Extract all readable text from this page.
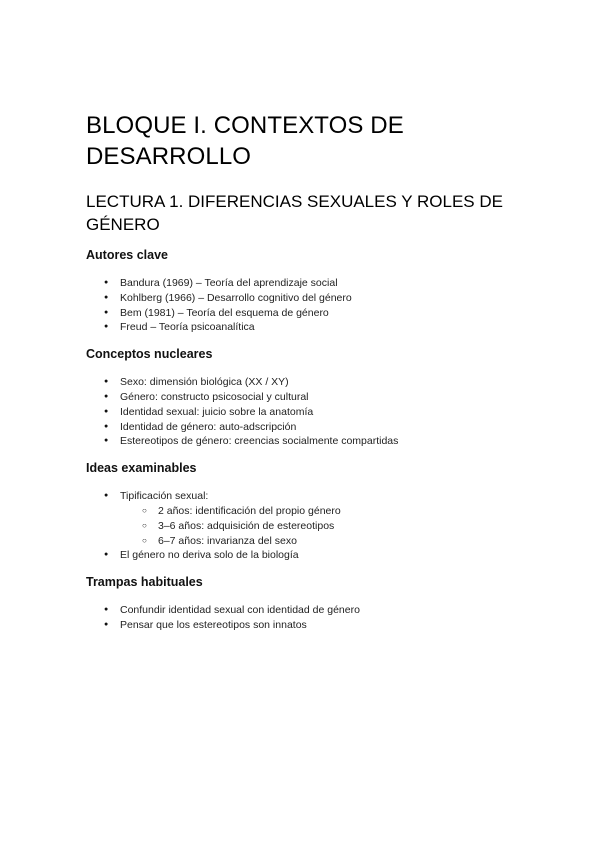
BLOQUE I. CONTEXTOS DE DESARROLLO
LECTURA 1. DIFERENCIAS SEXUALES Y ROLES DE GÉNERO
Autores clave
● Bandura (1969) – Teoría del aprendizaje social
● Kohlberg (1966) – Desarrollo cognitivo del género
● Bem (1981) – Teoría del esquema de género
● Freud – Teoría psicoanalítica
Conceptos nucleares
● Sexo: dimensión biológica (XX / XY)
● Género: constructo psicosocial y cultural
● Identidad sexual: juicio sobre la anatomía
● Identidad de género: auto-adscripción
● Estereotipos de género: creencias socialmente compartidas
Ideas examinables
● Tipificación sexual:
○ 2 años: identificación del propio género
○ 3–6 años: adquisición de estereotipos
○ 6–7 años: invarianza del sexo
● El género no deriva solo de la biología
Trampas habituales
● Confundir identidad sexual con identidad de género
● Pensar que los estereotipos son innatos
